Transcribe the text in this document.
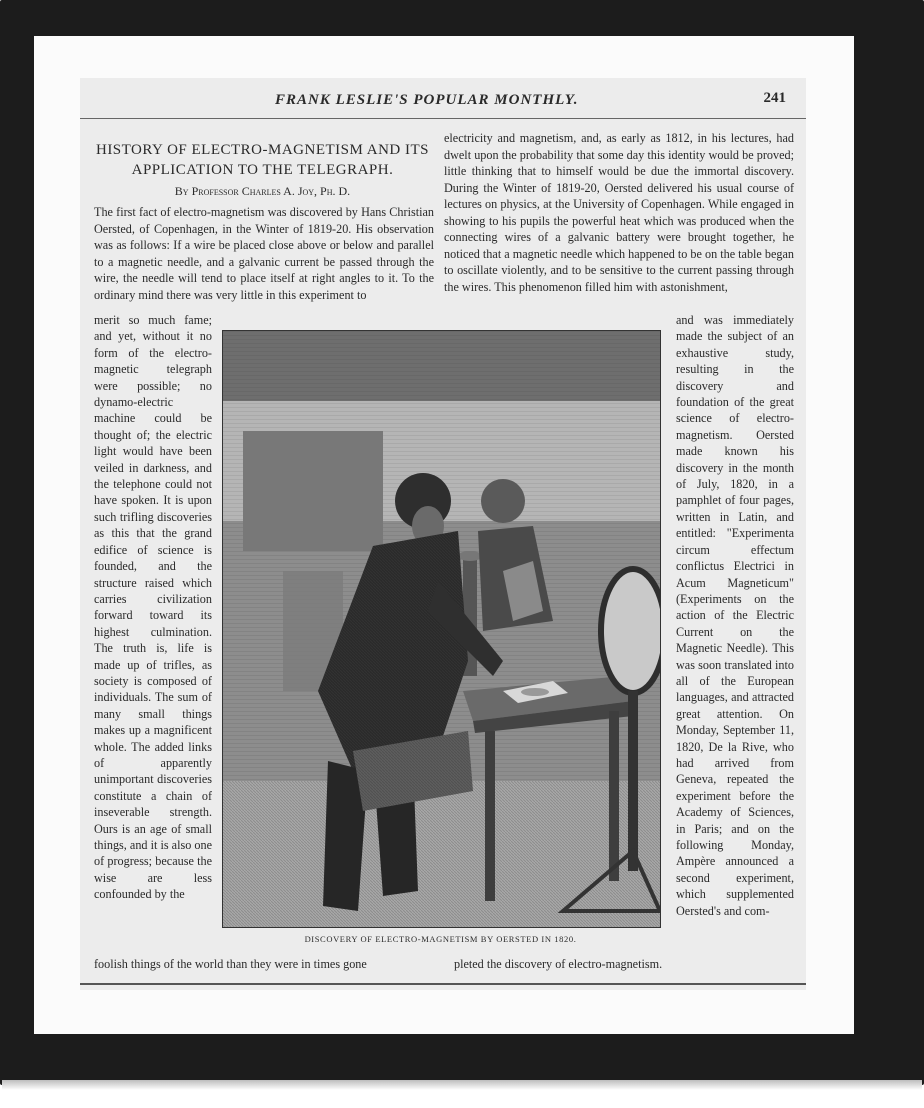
FRANK LESLIE'S POPULAR MONTHLY.	241
HISTORY OF ELECTRO-MAGNETISM AND ITS
APPLICATION TO THE TELEGRAPH.
By Professor Charles A. Joy, Ph. D.

The first fact of electro-magnetism was discovered by Hans Christian Oersted, of Copenhagen, in the Winter of 1819-20. His observation was as follows: If a wire be placed close above or below and parallel to a magnetic needle, and a galvanic current be passed through the wire, the needle will tend to place itself at right angles to it. To the ordinary mind there was very little in this experiment to

electricity and magnetism, and, as early as 1812, in his lectures, had dwelt upon the probability that some day this identity would be proved; little thinking that to himself would be due the immortal discovery. During the Winter of 1819-20, Oersted delivered his usual course of lectures on physics, at the University of Copenhagen. While engaged in showing to his pupils the powerful heat which was produced when the connecting wires of a galvanic battery were brought together, he noticed that a magnetic needle which happened to be on the table began to oscillate violently, and to be sensitive to the current passing through the wires. This phenomenon filled him with astonishment,

merit so much fame; and yet, without it no form of the electro-magnetic telegraph were possible; no dynamo-electric machine could be thought of; the electric light would have been veiled in darkness, and the telephone could not have spoken. It is upon such trifling discoveries as this that the grand edifice of science is founded, and the structure raised which carries civilization forward toward its highest culmination. The truth is, life is made up of trifles, as society is composed of individuals. The sum of many small things makes up a magnificent whole. The added links of apparently unimportant discoveries constitute a chain of inseverable strength. Ours is an age of small things, and it is also one of progress; because the wise are less confounded by the

and was immediately made the subject of an exhaustive study, resulting in the discovery and foundation of the great science of electro-magnetism. Oersted made known his discovery in the month of July, 1820, in a pamphlet of four pages, written in Latin, and entitled: "Experimenta circum effectum conflictus Electrici in Acum Magneticum" (Experiments on the action of the Electric Current on the Magnetic Needle). This was soon translated into all of the European languages, and attracted great attention. On Monday, September 11, 1820, De la Rive, who had arrived from Geneva, repeated the experiment before the Academy of Sciences, in Paris; and on the following Monday, Ampère announced a second experiment, which supplemented Oersted's and com-

DISCOVERY OF ELECTRO-MAGNETISM BY OERSTED IN 1820.

foolish things of the world than they were in times gone	pleted the discovery of electro-magnetism.
